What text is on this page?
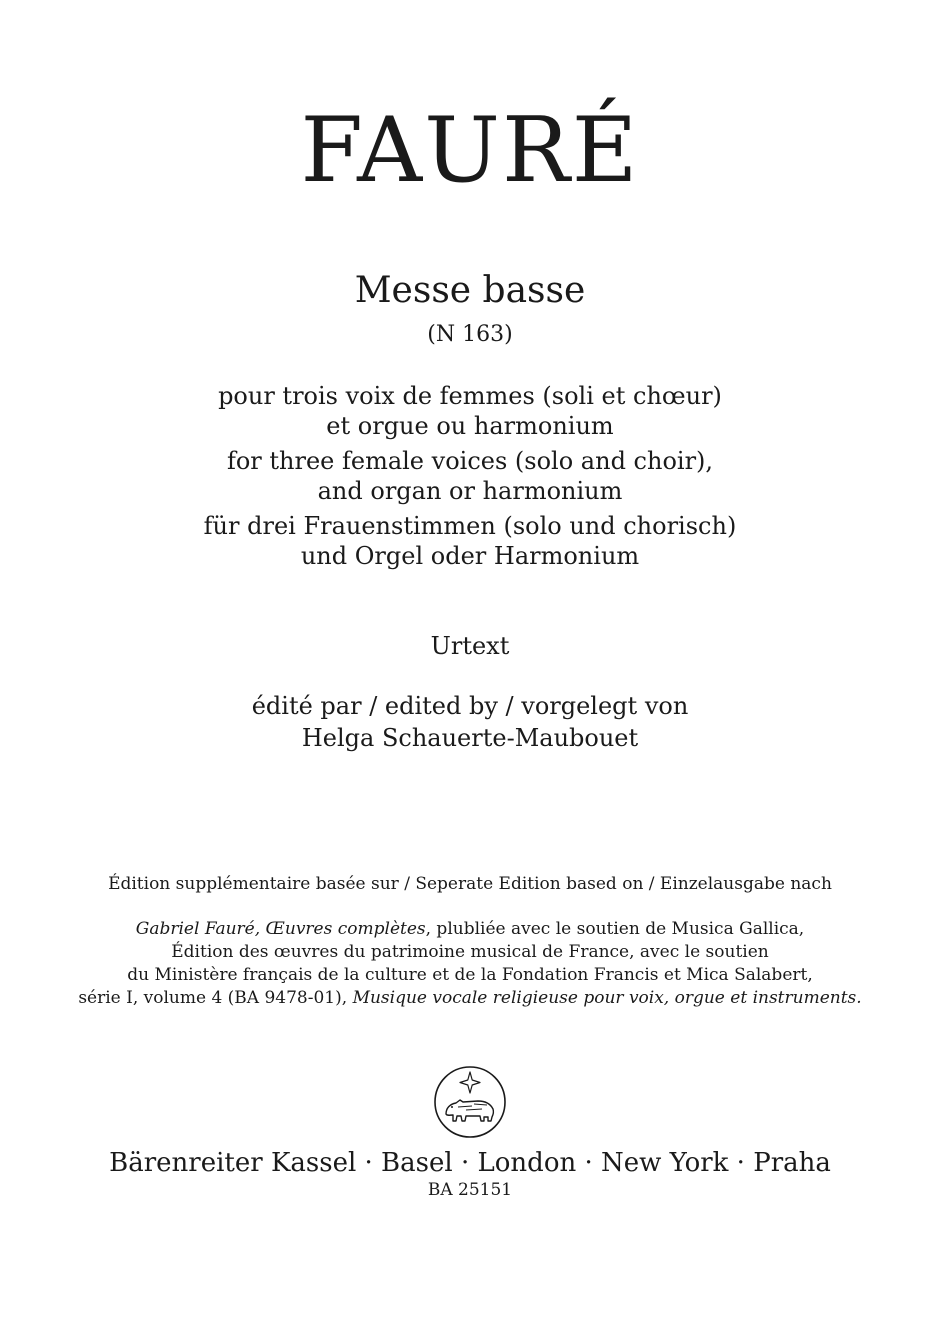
FAURÉ
Messe basse
(N 163)
pour trois voix de femmes (soli et chœur)
et orgue ou harmonium
for three female voices (solo and choir),
and organ or harmonium
für drei Frauenstimmen (solo und chorisch)
und Orgel oder Harmonium
Urtext
édité par / edited by / vorgelegt von
Helga Schauerte-Maubouet
Édition supplémentaire basée sur / Seperate Edition based on / Einzelausgabe nach
Gabriel Fauré, Œuvres complètes, plubliée avec le soutien de Musica Gallica,
Édition des œuvres du patrimoine musical de France, avec le soutien
du Ministère français de la culture et de la Fondation Francis et Mica Salabert,
série I, volume 4 (BA 9478-01), Musique vocale religieuse pour voix, orgue et instruments.
Bärenreiter Kassel · Basel · London · New York · Praha
BA 25151
